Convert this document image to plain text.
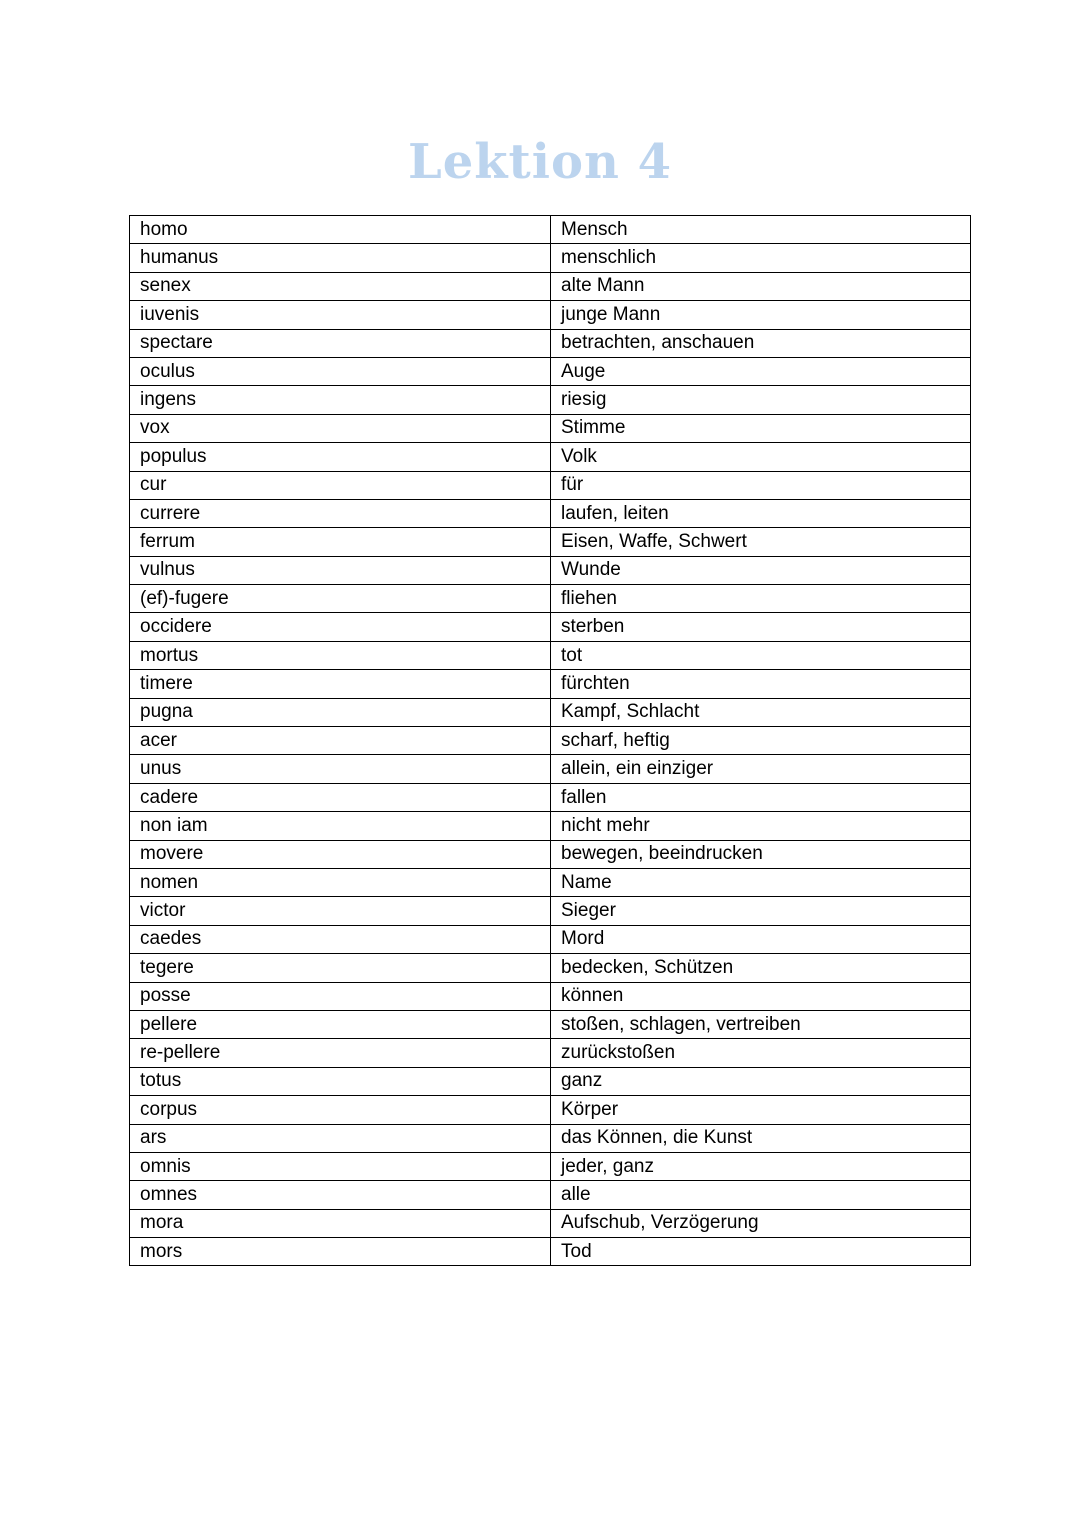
Lektion 4
homo	Mensch
humanus	menschlich
senex	alte Mann
iuvenis	junge Mann
spectare	betrachten, anschauen
oculus	Auge
ingens	riesig
vox	Stimme
populus	Volk
cur	für
currere	laufen, leiten
ferrum	Eisen, Waffe, Schwert
vulnus	Wunde
(ef)-fugere	fliehen
occidere	sterben
mortus	tot
timere	fürchten
pugna	Kampf, Schlacht
acer	scharf, heftig
unus	allein, ein einziger
cadere	fallen
non iam	nicht mehr
movere	bewegen, beeindrucken
nomen	Name
victor	Sieger
caedes	Mord
tegere	bedecken, Schützen
posse	können
pellere	stoßen, schlagen, vertreiben
re-pellere	zurückstoßen
totus	ganz
corpus	Körper
ars	das Können, die Kunst
omnis	jeder, ganz
omnes	alle
mora	Aufschub, Verzögerung
mors	Tod
